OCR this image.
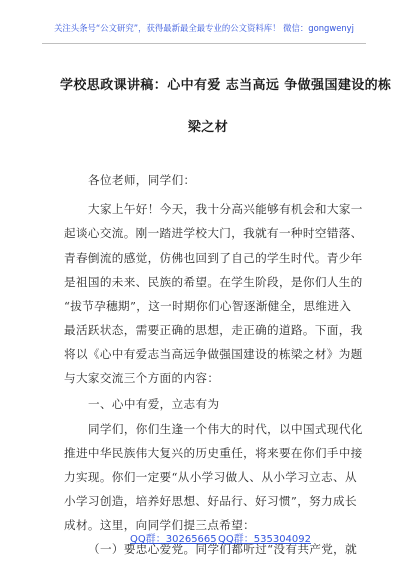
关注头条号“公文研究”，获得最新最全最专业的公文资料库！ 微信：gongwenyj
学校思政课讲稿：心中有爱 志当高远 争做强国建设的栋
梁之材
各位老师，同学们：
大家上午好！今天，我十分高兴能够有机会和大家一
起谈心交流。刚一踏进学校大门，我就有一种时空错落、
青春倒流的感觉，仿佛也回到了自己的学生时代。青少年
是祖国的未来、民族的希望。在学生阶段，是你们人生的
“拔节孕穗期”，这一时期你们心智逐渐健全，思维进入
最活跃状态，需要正确的思想，走正确的道路。下面，我
将以《心中有爱志当高远争做强国建设的栋梁之材》为题
与大家交流三个方面的内容：
一、心中有爱，立志有为
同学们，你们生逢一个伟大的时代，以中国式现代化
推进中华民族伟大复兴的历史重任，将来要在你们手中接
力实现。你们一定要“从小学习做人、从小学习立志、从
小学习创造，培养好思想、好品行、好习惯”，努力成长
成材。这里，向同学们提三点希望：
（一）要忠心爱党。同学们都听过“没有共产党，就
QQ群：30265665 QQ群：535304092
